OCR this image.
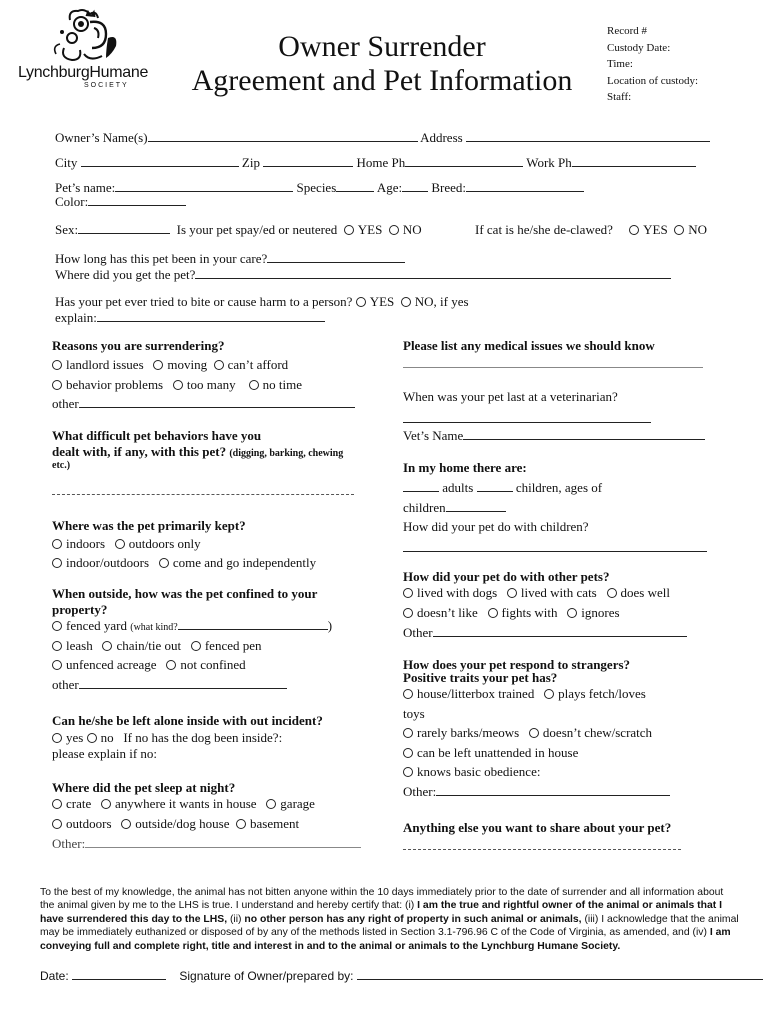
LynchburgHumane
SOCIETY
Owner Surrender
Agreement and Pet Information
Record #
Custody Date:
Time:
Location of custody:
Staff:
Owner’s Name(s)	Address
City	Zip	Home Ph	Work Ph
Pet’s name:	Species	Age: Breed:
Color:
Sex:	Is your pet spay/ed or neutered YES NO	If cat is he/she de-clawed? YES NO
How long has this pet been in your care?
Where did you get the pet?
Has your pet ever tried to bite or cause harm to a person? YES NO, if yes
explain:
Reasons you are surrendering?
landlord issues moving can’t afford
behavior problems too many no time
other
What difficult pet behaviors have you
dealt with, if any, with this pet? (digging, barking, chewing
etc.)
Where was the pet primarily kept?
indoors outdoors only
indoor/outdoors come and go independently
When outside, how was the pet confined to your
property?
fenced yard (what kind?	)
leash chain/tie out fenced pen
unfenced acreage not confined
other
Can he/she be left alone inside with out incident?
yes no If no has the dog been inside?:
please explain if no:
Where did the pet sleep at night?
crate anywhere it wants in house garage
outdoors outside/dog house basement
Other:
Please list any medical issues we should know
When was your pet last at a veterinarian?
Vet’s Name
In my home there are:
adults	children, ages of
children
How did your pet do with children?
How did your pet do with other pets?
lived with dogs lived with cats does well
doesn’t like fights with ignores
Other
How does your pet respond to strangers?
Positive traits your pet has?
house/litterbox trained plays fetch/loves
toys
rarely barks/meows doesn’t chew/scratch
can be left unattended in house
knows basic obedience:
Other:
Anything else you want to share about your pet?
To the best of my knowledge, the animal has not bitten anyone within the 10 days immediately prior to the date of surrender and all information about the animal given by me to the LHS is true. I understand and hereby certify that: (i) I am the true and rightful owner of the animal or animals that I have surrendered this day to the LHS, (ii) no other person has any right of property in such animal or animals, (iii) I acknowledge that the animal may be immediately euthanized or disposed of by any of the methods listed in Section 3.1-796.96 C of the Code of Virginia, as amended, and (iv) I am conveying full and complete right, title and interest in and to the animal or animals to the Lynchburg Humane Society.
Date:	Signature of Owner/prepared by:
